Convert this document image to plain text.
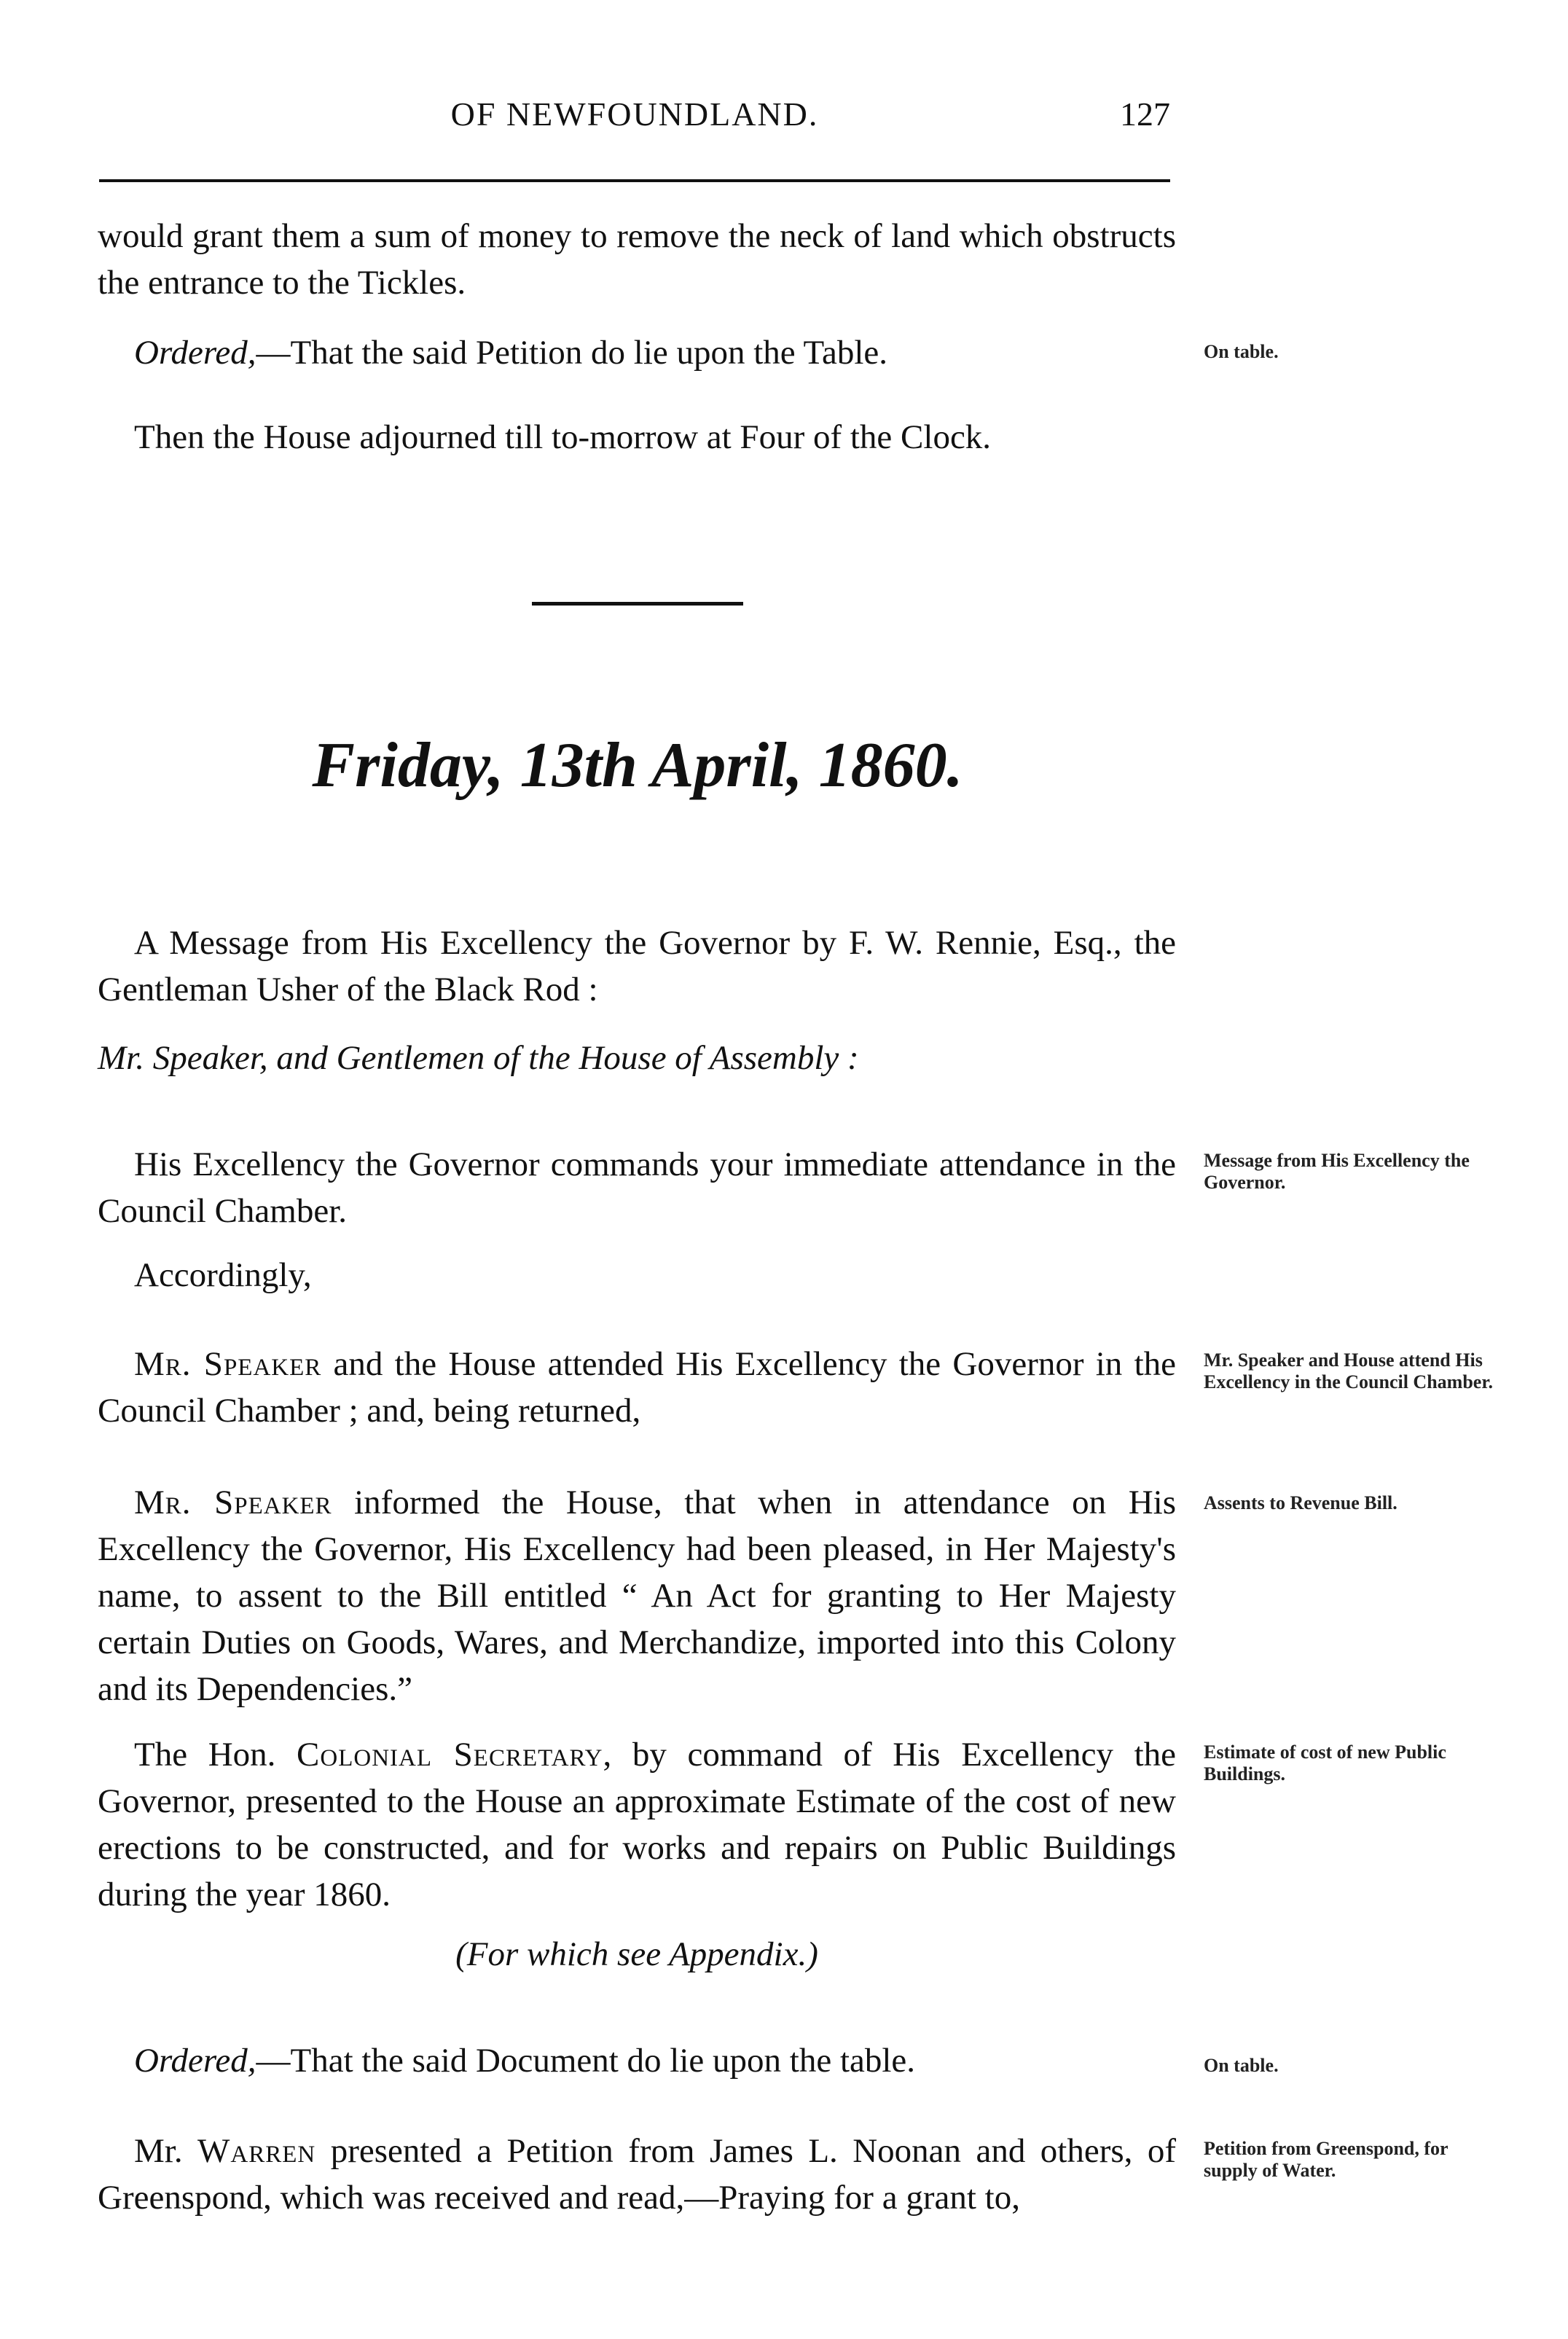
OF NEWFOUNDLAND.	127

would grant them a sum of money to remove the neck of land which obstructs the entrance to the Tickles.

Ordered,—That the said Petition do lie upon the Table.	On table.

Then the House adjourned till to-morrow at Four of the Clock.

Friday, 13th April, 1860.

A Message from His Excellency the Governor by F. W. Rennie, Esq., the Gentleman Usher of the Black Rod :

Mr. Speaker, and Gentlemen of the House of Assembly :

His Excellency the Governor commands your immediate attendance in the Council Chamber.

Message from His Excellency the Governor.

Accordingly,

Mr. Speaker and the House attended His Excellency the Governor in the Council Chamber ; and, being returned,

Mr. Speaker and House attend His Excellency in the Council Chamber.

Mr. Speaker informed the House, that when in attendance on His Excellency the Governor, His Excellency had been pleased, in Her Majesty's name, to assent to the Bill entitled “ An Act for granting to Her Majesty certain Duties on Goods, Wares, and Merchandize, imported into this Colony and its Dependencies.”

Assents to Revenue Bill.

The Hon. Colonial Secretary, by command of His Excellency the Governor, presented to the House an approximate Estimate of the cost of new erections to be constructed, and for works and repairs on Public Buildings during the year 1860.

Estimate of cost of new Public Buildings.

(For which see Appendix.)

Ordered,—That the said Document do lie upon the table.	On table.

Mr. Warren presented a Petition from James L. Noonan and others, of Greenspond, which was received and read,—Praying for a grant to,

Petition from Greenspond, for supply of Water.
